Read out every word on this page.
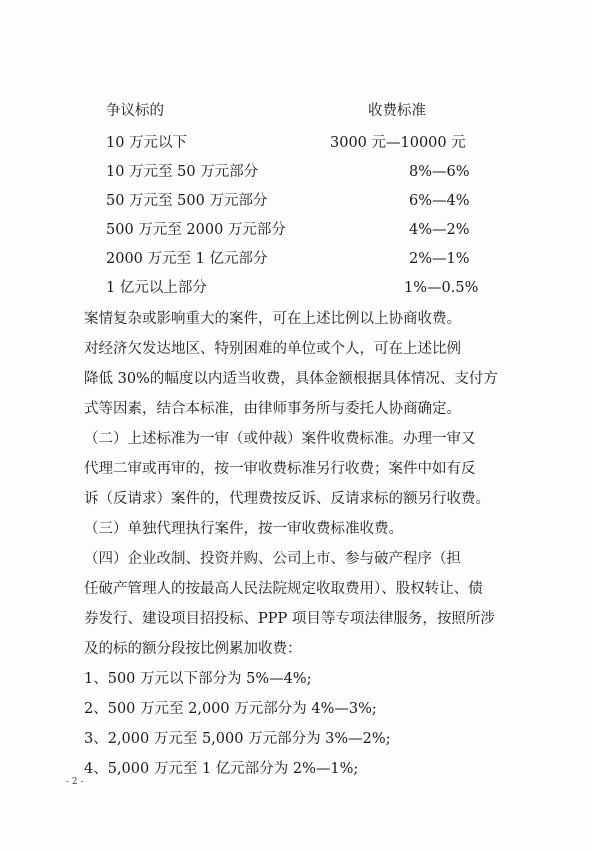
争议标的	收费标准
10 万元以下	3000 元—10000 元
10 万元至 50 万元部分	8%—6%
50 万元至 500 万元部分	6%—4%
500 万元至 2000 万元部分	4%—2%
2000 万元至 1 亿元部分	2%—1%
1 亿元以上部分	1%—0.5%
案情复杂或影响重大的案件，可在上述比例以上协商收费。
对经济欠发达地区、特别困难的单位或个人，可在上述比例
降低 30%的幅度以内适当收费，具体金额根据具体情况、支付方
式等因素，结合本标准，由律师事务所与委托人协商确定。
（二）上述标准为一审（或仲裁）案件收费标准。办理一审又
代理二审或再审的，按一审收费标准另行收费；案件中如有反
诉（反请求）案件的，代理费按反诉、反请求标的额另行收费。
（三）单独代理执行案件，按一审收费标准收费。
（四）企业改制、投资并购、公司上市、参与破产程序（担
任破产管理人的按最高人民法院规定收取费用）、股权转让、债
券发行、建设项目招投标、PPP 项目等专项法律服务，按照所涉
及的标的额分段按比例累加收费：
1、500 万元以下部分为 5%—4%;
2、500 万元至 2,000 万元部分为 4%—3%;
3、2,000 万元至 5,000 万元部分为 3%—2%;
4、5,000 万元至 1 亿元部分为 2%—1%;
- 2 -
